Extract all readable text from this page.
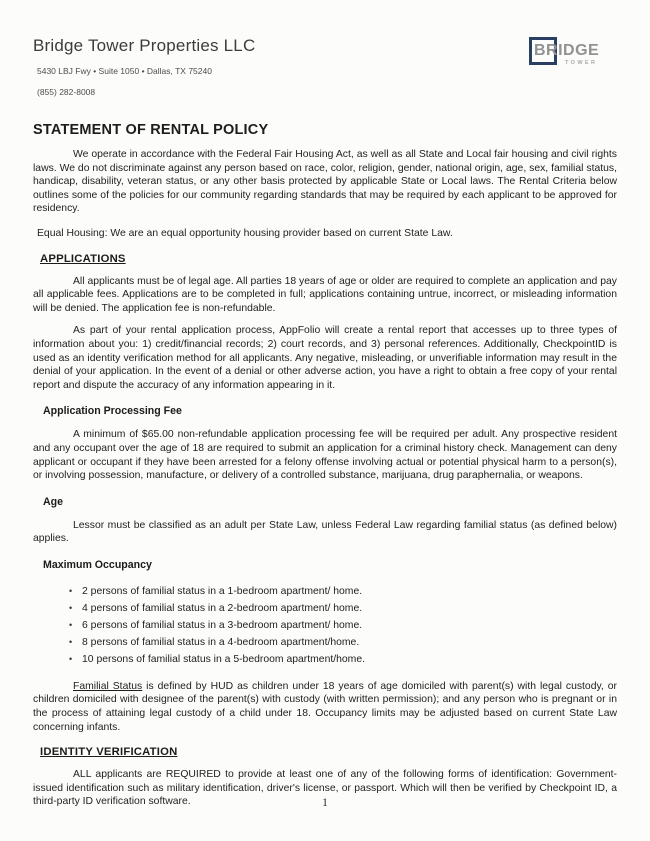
Bridge Tower Properties LLC
5430 LBJ Fwy • Suite 1050 • Dallas, TX 75240
(855) 282-8008
BRIDGE
TOWER
STATEMENT OF RENTAL POLICY

We operate in accordance with the Federal Fair Housing Act, as well as all State and Local fair housing and civil rights laws. We do not discriminate against any person based on race, color, religion, gender, national origin, age, sex, familial status, handicap, disability, veteran status, or any other basis protected by applicable State or Local laws. The Rental Criteria below outlines some of the policies for our community regarding standards that may be required by each applicant to be approved for residency.

Equal Housing: We are an equal opportunity housing provider based on current State Law.
APPLICATIONS

All applicants must be of legal age. All parties 18 years of age or older are required to complete an application and pay all applicable fees. Applications are to be completed in full; applications containing untrue, incorrect, or misleading information will be denied. The application fee is non-refundable.

As part of your rental application process, AppFolio will create a rental report that accesses up to three types of information about you: 1) credit/financial records; 2) court records, and 3) personal references. Additionally, CheckpointID is used as an identity verification method for all applicants. Any negative, misleading, or unverifiable information may result in the denial of your application. In the event of a denial or other adverse action, you have a right to obtain a free copy of your rental report and dispute the accuracy of any information appearing in it.

Application Processing Fee

A minimum of $65.00 non-refundable application processing fee will be required per adult. Any prospective resident and any occupant over the age of 18 are required to submit an application for a criminal history check. Management can deny applicant or occupant if they have been arrested for a felony offense involving actual or potential physical harm to a person(s), or involving possession, manufacture, or delivery of a controlled substance, marijuana, drug paraphernalia, or weapons.

Age

Lessor must be classified as an adult per State Law, unless Federal Law regarding familial status (as defined below) applies.

Maximum Occupancy
• 2 persons of familial status in a 1-bedroom apartment/ home.
• 4 persons of familial status in a 2-bedroom apartment/ home.
• 6 persons of familial status in a 3-bedroom apartment/ home.
• 8 persons of familial status in a 4-bedroom apartment/home.
• 10 persons of familial status in a 5-bedroom apartment/home.

Familial Status is defined by HUD as children under 18 years of age domiciled with parent(s) with legal custody, or children domiciled with designee of the parent(s) with custody (with written permission); and any person who is pregnant or in the process of attaining legal custody of a child under 18. Occupancy limits may be adjusted based on current State Law concerning infants.

IDENTITY VERIFICATION

ALL applicants are REQUIRED to provide at least one of any of the following forms of identification: Government-issued identification such as military identification, driver's license, or passport. Which will then be verified by Checkpoint ID, a third-party ID verification software.	1
